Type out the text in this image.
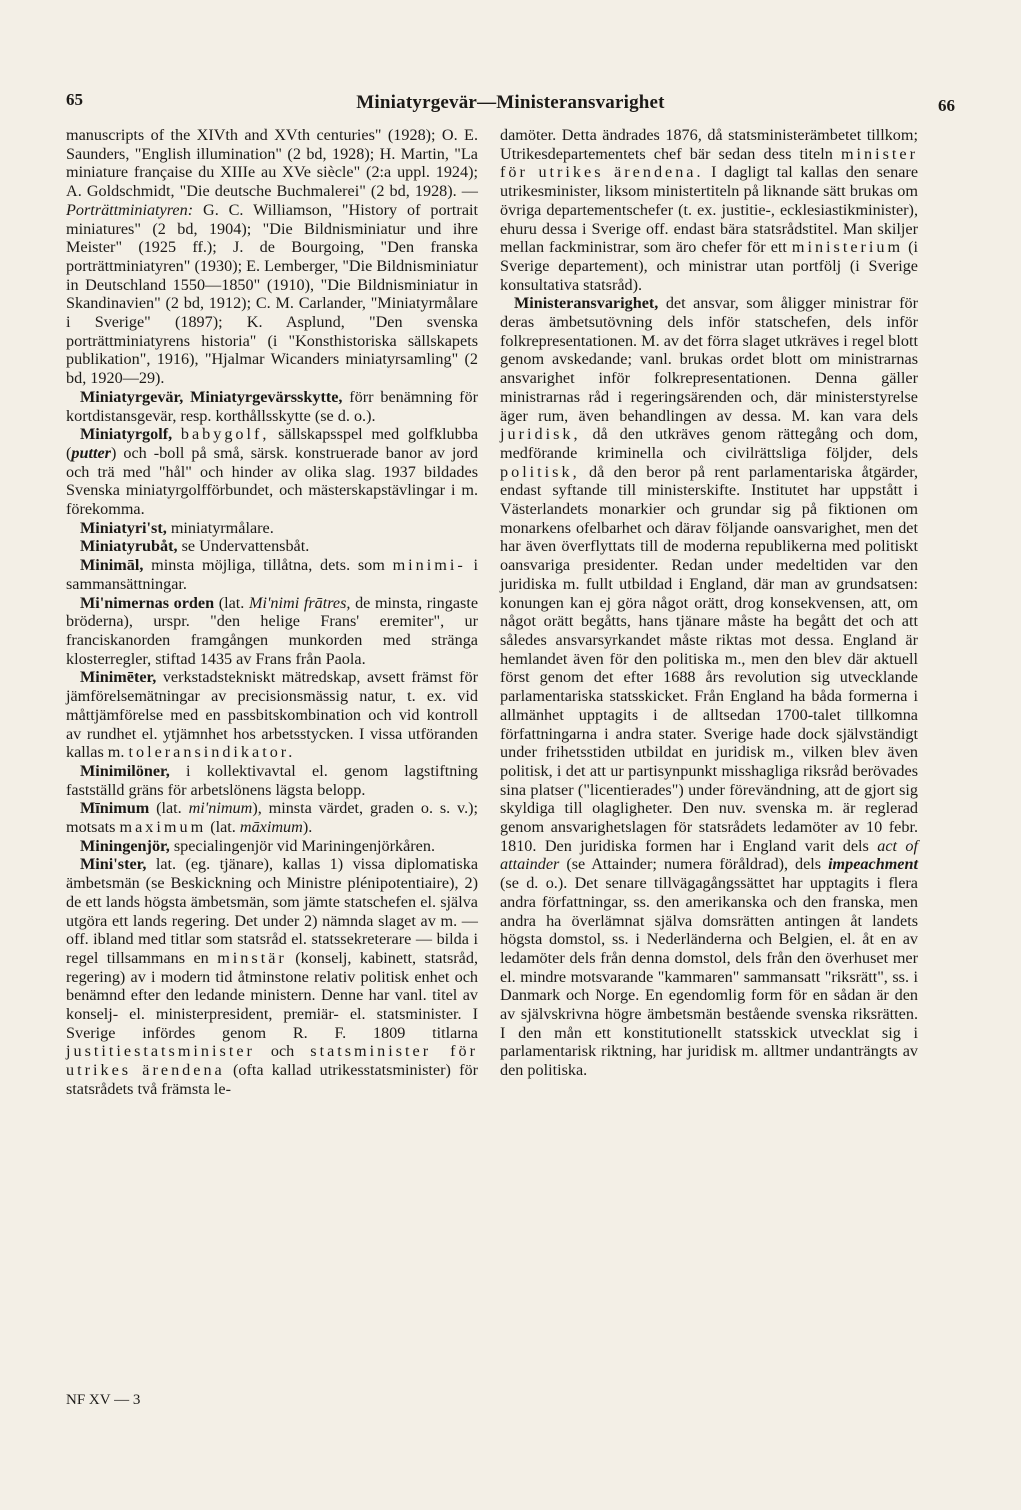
65	Miniatyrgevär—Ministeransvarighet	66

manuscripts of the XIVth and XVth centuries" (1928); O. E. Saunders, "English illumination" (2 bd, 1928); H. Martin, "La miniature française du XIIIe au XVe siècle" (2:a uppl. 1924); A. Goldschmidt, "Die deutsche Buchmalerei" (2 bd, 1928). — Porträttminiatyren: G. C. Williamson, "History of portrait miniatures" (2 bd, 1904); "Die Bildnisminiatur und ihre Meister" (1925 ff.); J. de Bourgoing, "Den franska porträttminiatyren" (1930); E. Lemberger, "Die Bildnisminiatur in Deutschland 1550—1850" (1910), "Die Bildnisminiatur in Skandinavien" (2 bd, 1912); C. M. Carlander, "Miniatyrmålare i Sverige" (1897); K. Asplund, "Den svenska porträttminiatyrens historia" (i "Konsthistoriska sällskapets publikation", 1916), "Hjalmar Wicanders miniatyrsamling" (2 bd, 1920—29).

Miniatyrgevär, Miniatyrgevärsskytte, förr benämning för kortdistansgevär, resp. korthållsskytte (se d. o.).

Miniatyrgolf, babygolf, sällskapsspel med golfklubba (putter) och -boll på små, särsk. konstruerade banor av jord och trä med "hål" och hinder av olika slag. 1937 bildades Svenska miniatyrgolfförbundet, och mästerskapstävlingar i m. förekomma.

Miniatyri'st, miniatyrmålare.

Miniatyrubåt, se Undervattensbåt.

Minimāl, minsta möjliga, tillåtna, dets. som minimi- i sammansättningar.

Mi'nimernas orden (lat. Mi'nimi frātres, de minsta, ringaste bröderna), urspr. "den helige Frans' eremiter", ur franciskanorden framgången munkorden med stränga klosterregler, stiftad 1435 av Frans från Paola.

Minimēter, verkstadstekniskt mätredskap, avsett främst för jämförelsemätningar av precisionsmässig natur, t. ex. vid måttjämförelse med en passbitskombination och vid kontroll av rundhet el. ytjämnhet hos arbetsstycken. I vissa utföranden kallas m. toleransindikator.

Minimilöner, i kollektivavtal el. genom lagstiftning fastställd gräns för arbetslönens lägsta belopp.

Mīnimum (lat. mi'nimum), minsta värdet, graden o. s. v.); motsats maximum (lat. māximum).

Miningenjör, specialingenjör vid Mariningenjörkåren.

Mini'ster, lat. (eg. tjänare), kallas 1) vissa diplomatiska ämbetsmän (se Beskickning och Ministre plénipotentiaire), 2) de ett lands högsta ämbetsmän, som jämte statschefen el. själva utgöra ett lands regering. Det under 2) nämnda slaget av m. — off. ibland med titlar som statsråd el. statssekreterare — bilda i regel tillsammans en minstär (konselj, kabinett, statsråd, regering) av i modern tid åtminstone relativ politisk enhet och benämnd efter den ledande ministern. Denne har vanl. titel av konselj- el. ministerpresident, premiär- el. statsminister. I Sverige infördes genom R. F. 1809 titlarna justitiestatsminister och statsminister för utrikes ärendena (ofta kallad utrikesstatsminister) för statsrådets två främsta le-

damöter. Detta ändrades 1876, då statsministerämbetet tillkom; Utrikesdepartementets chef bär sedan dess titeln minister för utrikes ärendena. I dagligt tal kallas den senare utrikesminister, liksom ministertiteln på liknande sätt brukas om övriga departementschefer (t. ex. justitie-, ecklesiastikminister), ehuru dessa i Sverige off. endast bära statsrådstitel. Man skiljer mellan fackministrar, som äro chefer för ett ministerium (i Sverige departement), och ministrar utan portfölj (i Sverige konsultativa statsråd).

Ministeransvarighet, det ansvar, som åligger ministrar för deras ämbetsutövning dels inför statschefen, dels inför folkrepresentationen. M. av det förra slaget utkräves i regel blott genom avskedande; vanl. brukas ordet blott om ministrarnas ansvarighet inför folkrepresentationen. Denna gäller ministrarnas råd i regeringsärenden och, där ministerstyrelse äger rum, även behandlingen av dessa. M. kan vara dels juridisk, då den utkräves genom rättegång och dom, medförande kriminella och civilrättsliga följder, dels politisk, då den beror på rent parlamentariska åtgärder, endast syftande till ministerskifte. Institutet har uppstått i Västerlandets monarkier och grundar sig på fiktionen om monarkens ofelbarhet och därav följande oansvarighet, men det har även överflyttats till de moderna republikerna med politiskt oansvariga presidenter. Redan under medeltiden var den juridiska m. fullt utbildad i England, där man av grundsatsen: konungen kan ej göra något orätt, drog konsekvensen, att, om något orätt begåtts, hans tjänare måste ha begått det och att således ansvarsyrkandet måste riktas mot dessa. England är hemlandet även för den politiska m., men den blev där aktuell först genom det efter 1688 års revolution sig utvecklande parlamentariska statsskicket. Från England ha båda formerna i allmänhet upptagits i de alltsedan 1700-talet tillkomna författningarna i andra stater. Sverige hade dock självständigt under frihetsstiden utbildat en juridisk m., vilken blev även politisk, i det att ur partisynpunkt misshagliga riksråd berövades sina platser ("licentierades") under förevändning, att de gjort sig skyldiga till olagligheter. Den nuv. svenska m. är reglerad genom ansvarighetslagen för statsrådets ledamöter av 10 febr. 1810. Den juridiska formen har i England varit dels act of attainder (se Attainder; numera föråldrad), dels impeachment (se d. o.). Det senare tillvägagångssättet har upptagits i flera andra författningar, ss. den amerikanska och den franska, men andra ha överlämnat själva domsrätten antingen åt landets högsta domstol, ss. i Nederländerna och Belgien, el. åt en av ledamöter dels från denna domstol, dels från den överhuset mer el. mindre motsvarande "kammaren" sammansatt "riksrätt", ss. i Danmark och Norge. En egendomlig form för en sådan är den av självskrivna högre ämbetsmän bestående svenska riksrätten. I den mån ett konstitutionellt statsskick utvecklat sig i parlamentarisk riktning, har juridisk m. alltmer undanträngts av den politiska.

NF XV — 3
